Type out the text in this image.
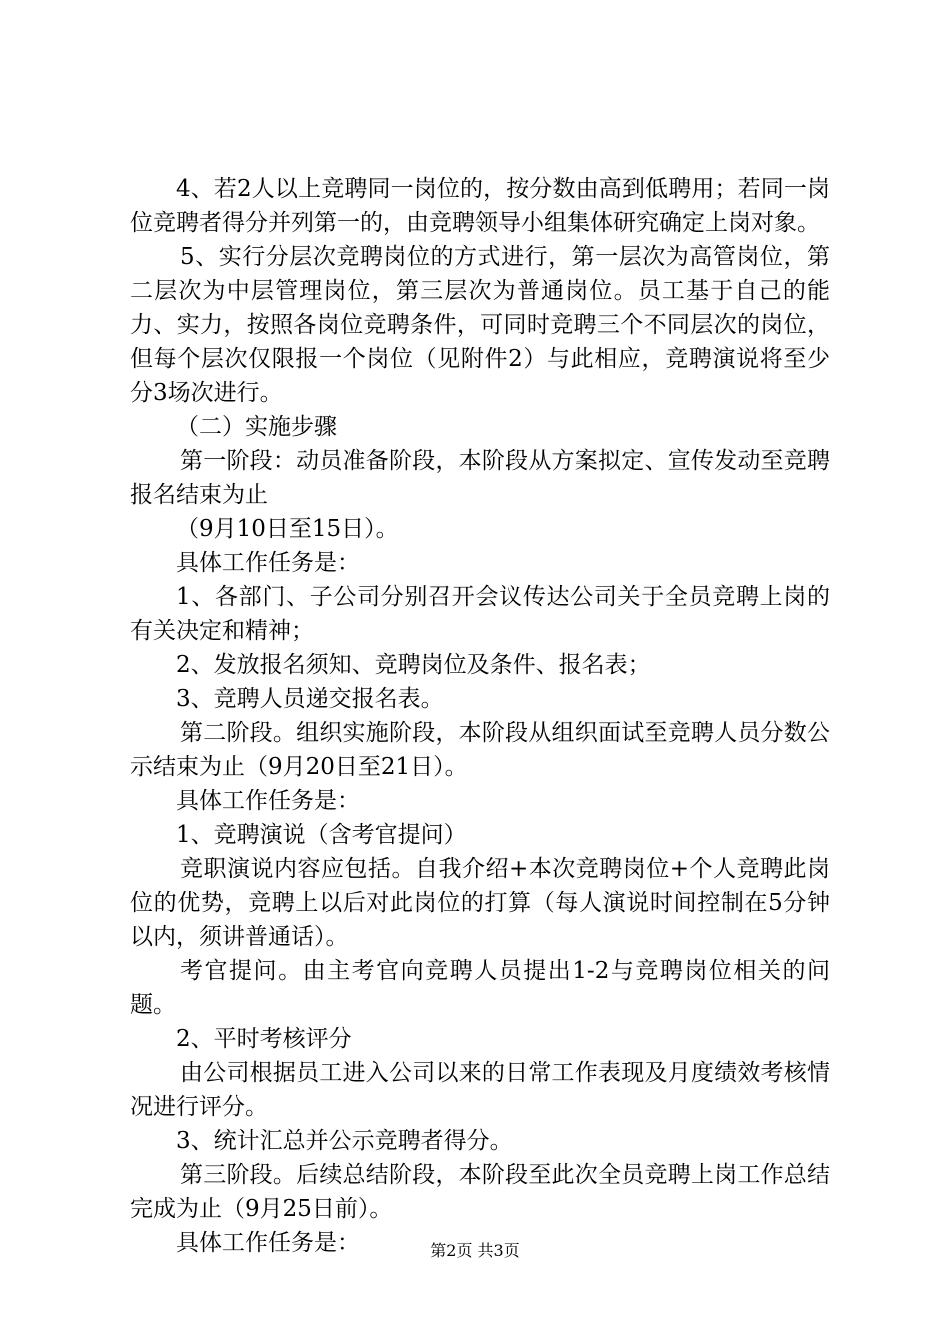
4、若2人以上竞聘同一岗位的，按分数由高到低聘用；若同一岗位竞聘者得分并列第一的，由竞聘领导小组集体研究确定上岗对象。

5、实行分层次竞聘岗位的方式进行，第一层次为高管岗位，第二层次为中层管理岗位，第三层次为普通岗位。员工基于自己的能力、实力，按照各岗位竞聘条件，可同时竞聘三个不同层次的岗位，但每个层次仅限报一个岗位（见附件2）与此相应，竞聘演说将至少分3场次进行。

（二）实施步骤

第一阶段：动员准备阶段，本阶段从方案拟定、宣传发动至竞聘报名结束为止

（9月10日至15日）。

具体工作任务是：

1、各部门、子公司分别召开会议传达公司关于全员竞聘上岗的有关决定和精神；

2、发放报名须知、竞聘岗位及条件、报名表；

3、竞聘人员递交报名表。

第二阶段。组织实施阶段，本阶段从组织面试至竞聘人员分数公示结束为止（9月20日至21日）。

具体工作任务是：

1、竞聘演说（含考官提问）

竞职演说内容应包括。自我介绍+本次竞聘岗位+个人竞聘此岗位的优势，竞聘上以后对此岗位的打算（每人演说时间控制在5分钟以内，须讲普通话）。

考官提问。由主考官向竞聘人员提出1-2与竞聘岗位相关的问题。

2、平时考核评分

由公司根据员工进入公司以来的日常工作表现及月度绩效考核情况进行评分。

3、统计汇总并公示竞聘者得分。

第三阶段。后续总结阶段，本阶段至此次全员竞聘上岗工作总结完成为止（9月25日前）。

具体工作任务是：	第2页 共3页
